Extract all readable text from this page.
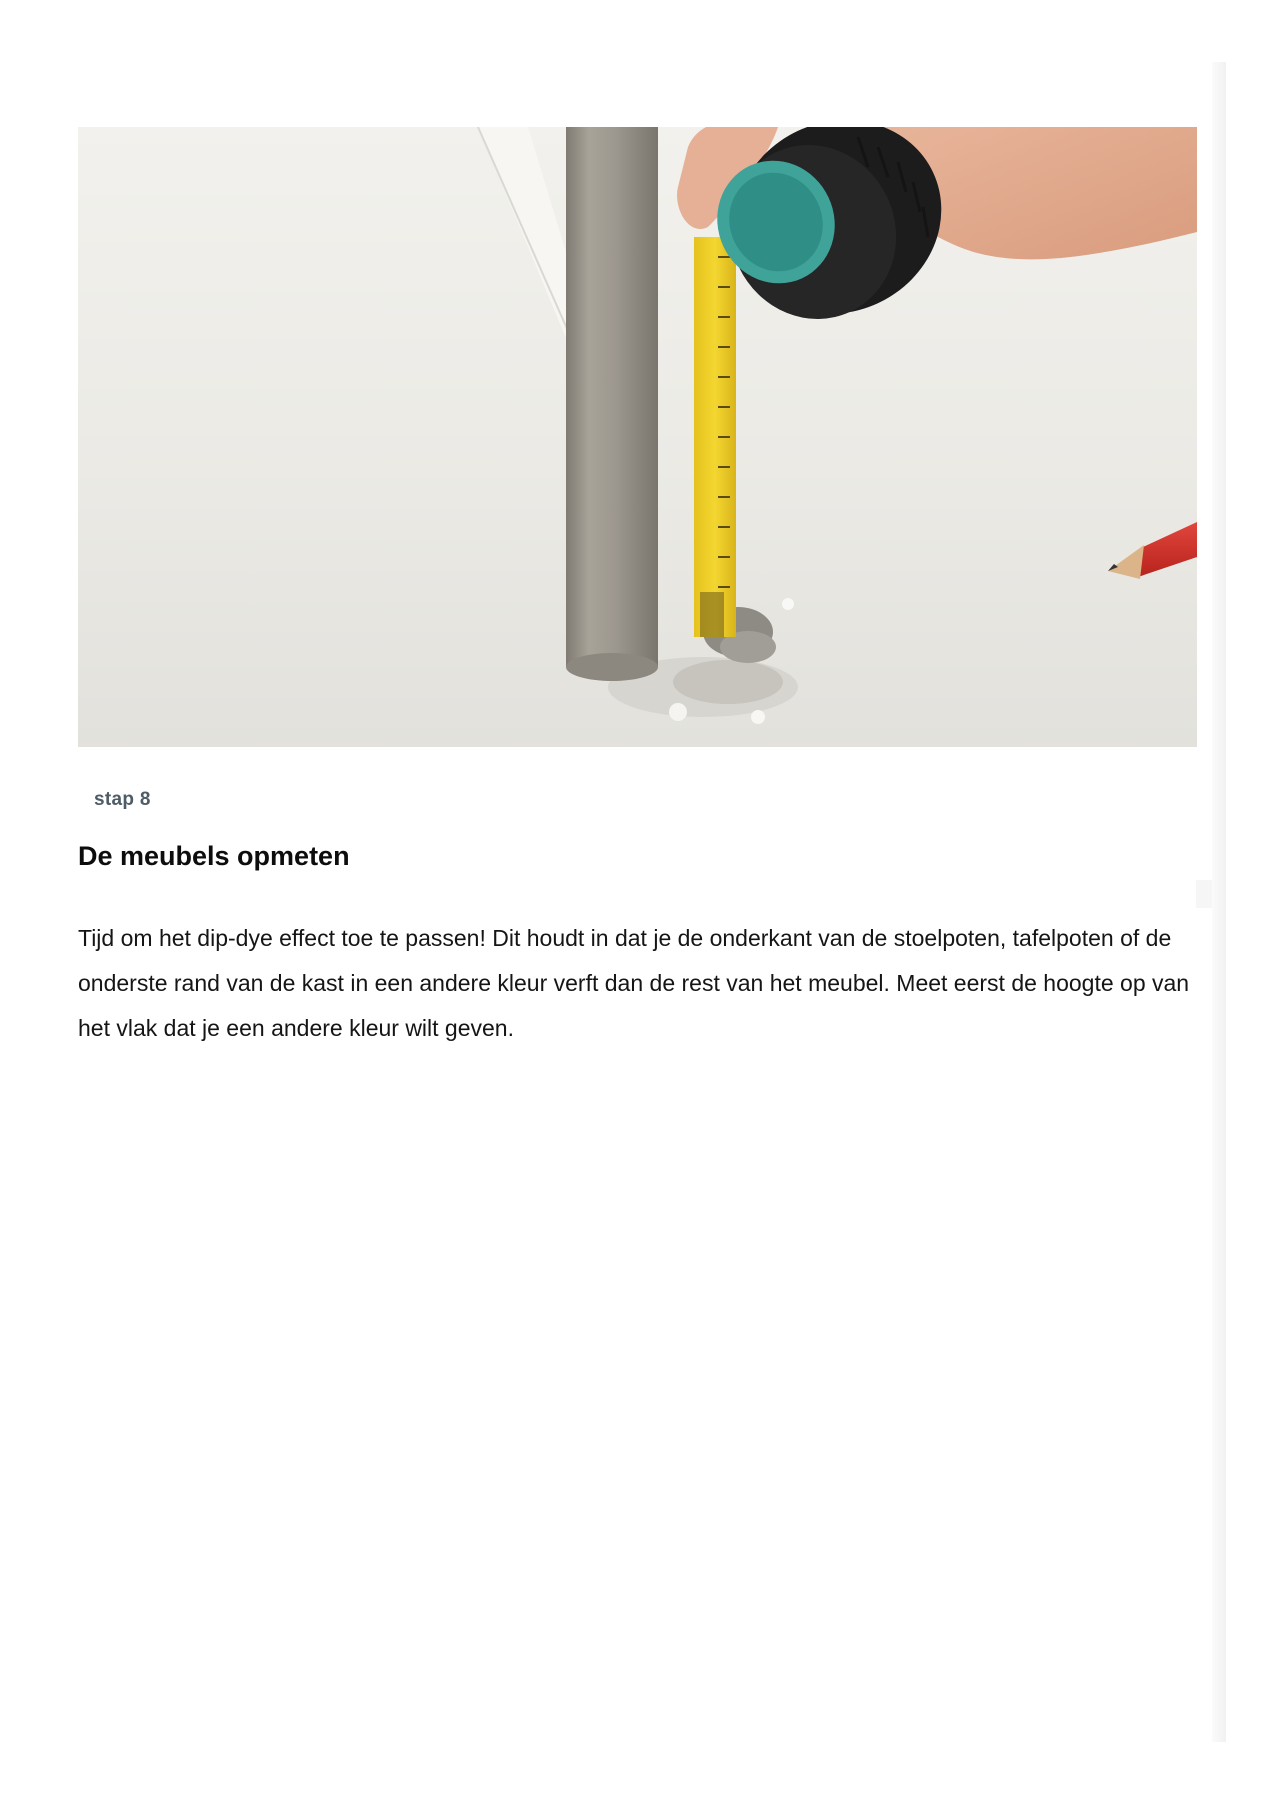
stap 8
De meubels opmeten

Tijd om het dip-dye effect toe te passen! Dit houdt in dat je de onderkant van de stoelpoten, tafelpoten of de onderste rand van de kast in een andere kleur verft dan de rest van het meubel. Meet eerst de hoogte op van het vlak dat je een andere kleur wilt geven.
